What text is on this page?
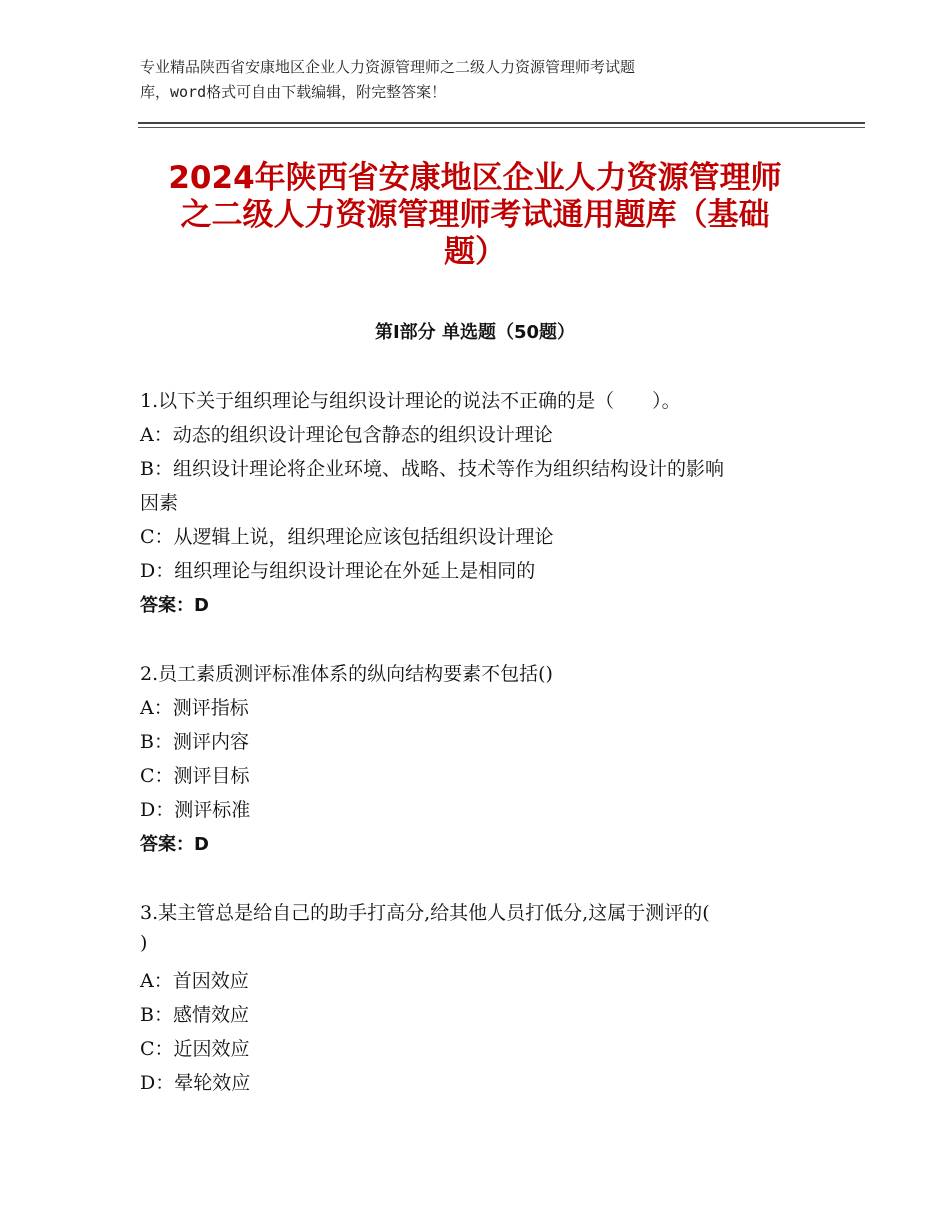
专业精品陕西省安康地区企业人力资源管理师之二级人力资源管理师考试题
库，word格式可自由下载编辑，附完整答案！
2024年陕西省安康地区企业人力资源管理师
之二级人力资源管理师考试通用题库（基础
题）
第Ⅰ部分 单选题（50题）
1.以下关于组织理论与组织设计理论的说法不正确的是（　　）。
A：动态的组织设计理论包含静态的组织设计理论
B：组织设计理论将企业环境、战略、技术等作为组织结构设计的影响
因素
C：从逻辑上说，组织理论应该包括组织设计理论
D：组织理论与组织设计理论在外延上是相同的
答案：D
2.员工素质测评标准体系的纵向结构要素不包括()
A：测评指标
B：测评内容
C：测评目标
D：测评标准
答案：D
3.某主管总是给自己的助手打高分,给其他人员打低分,这属于测评的(
)
A：首因效应
B：感情效应
C：近因效应
D：晕轮效应
